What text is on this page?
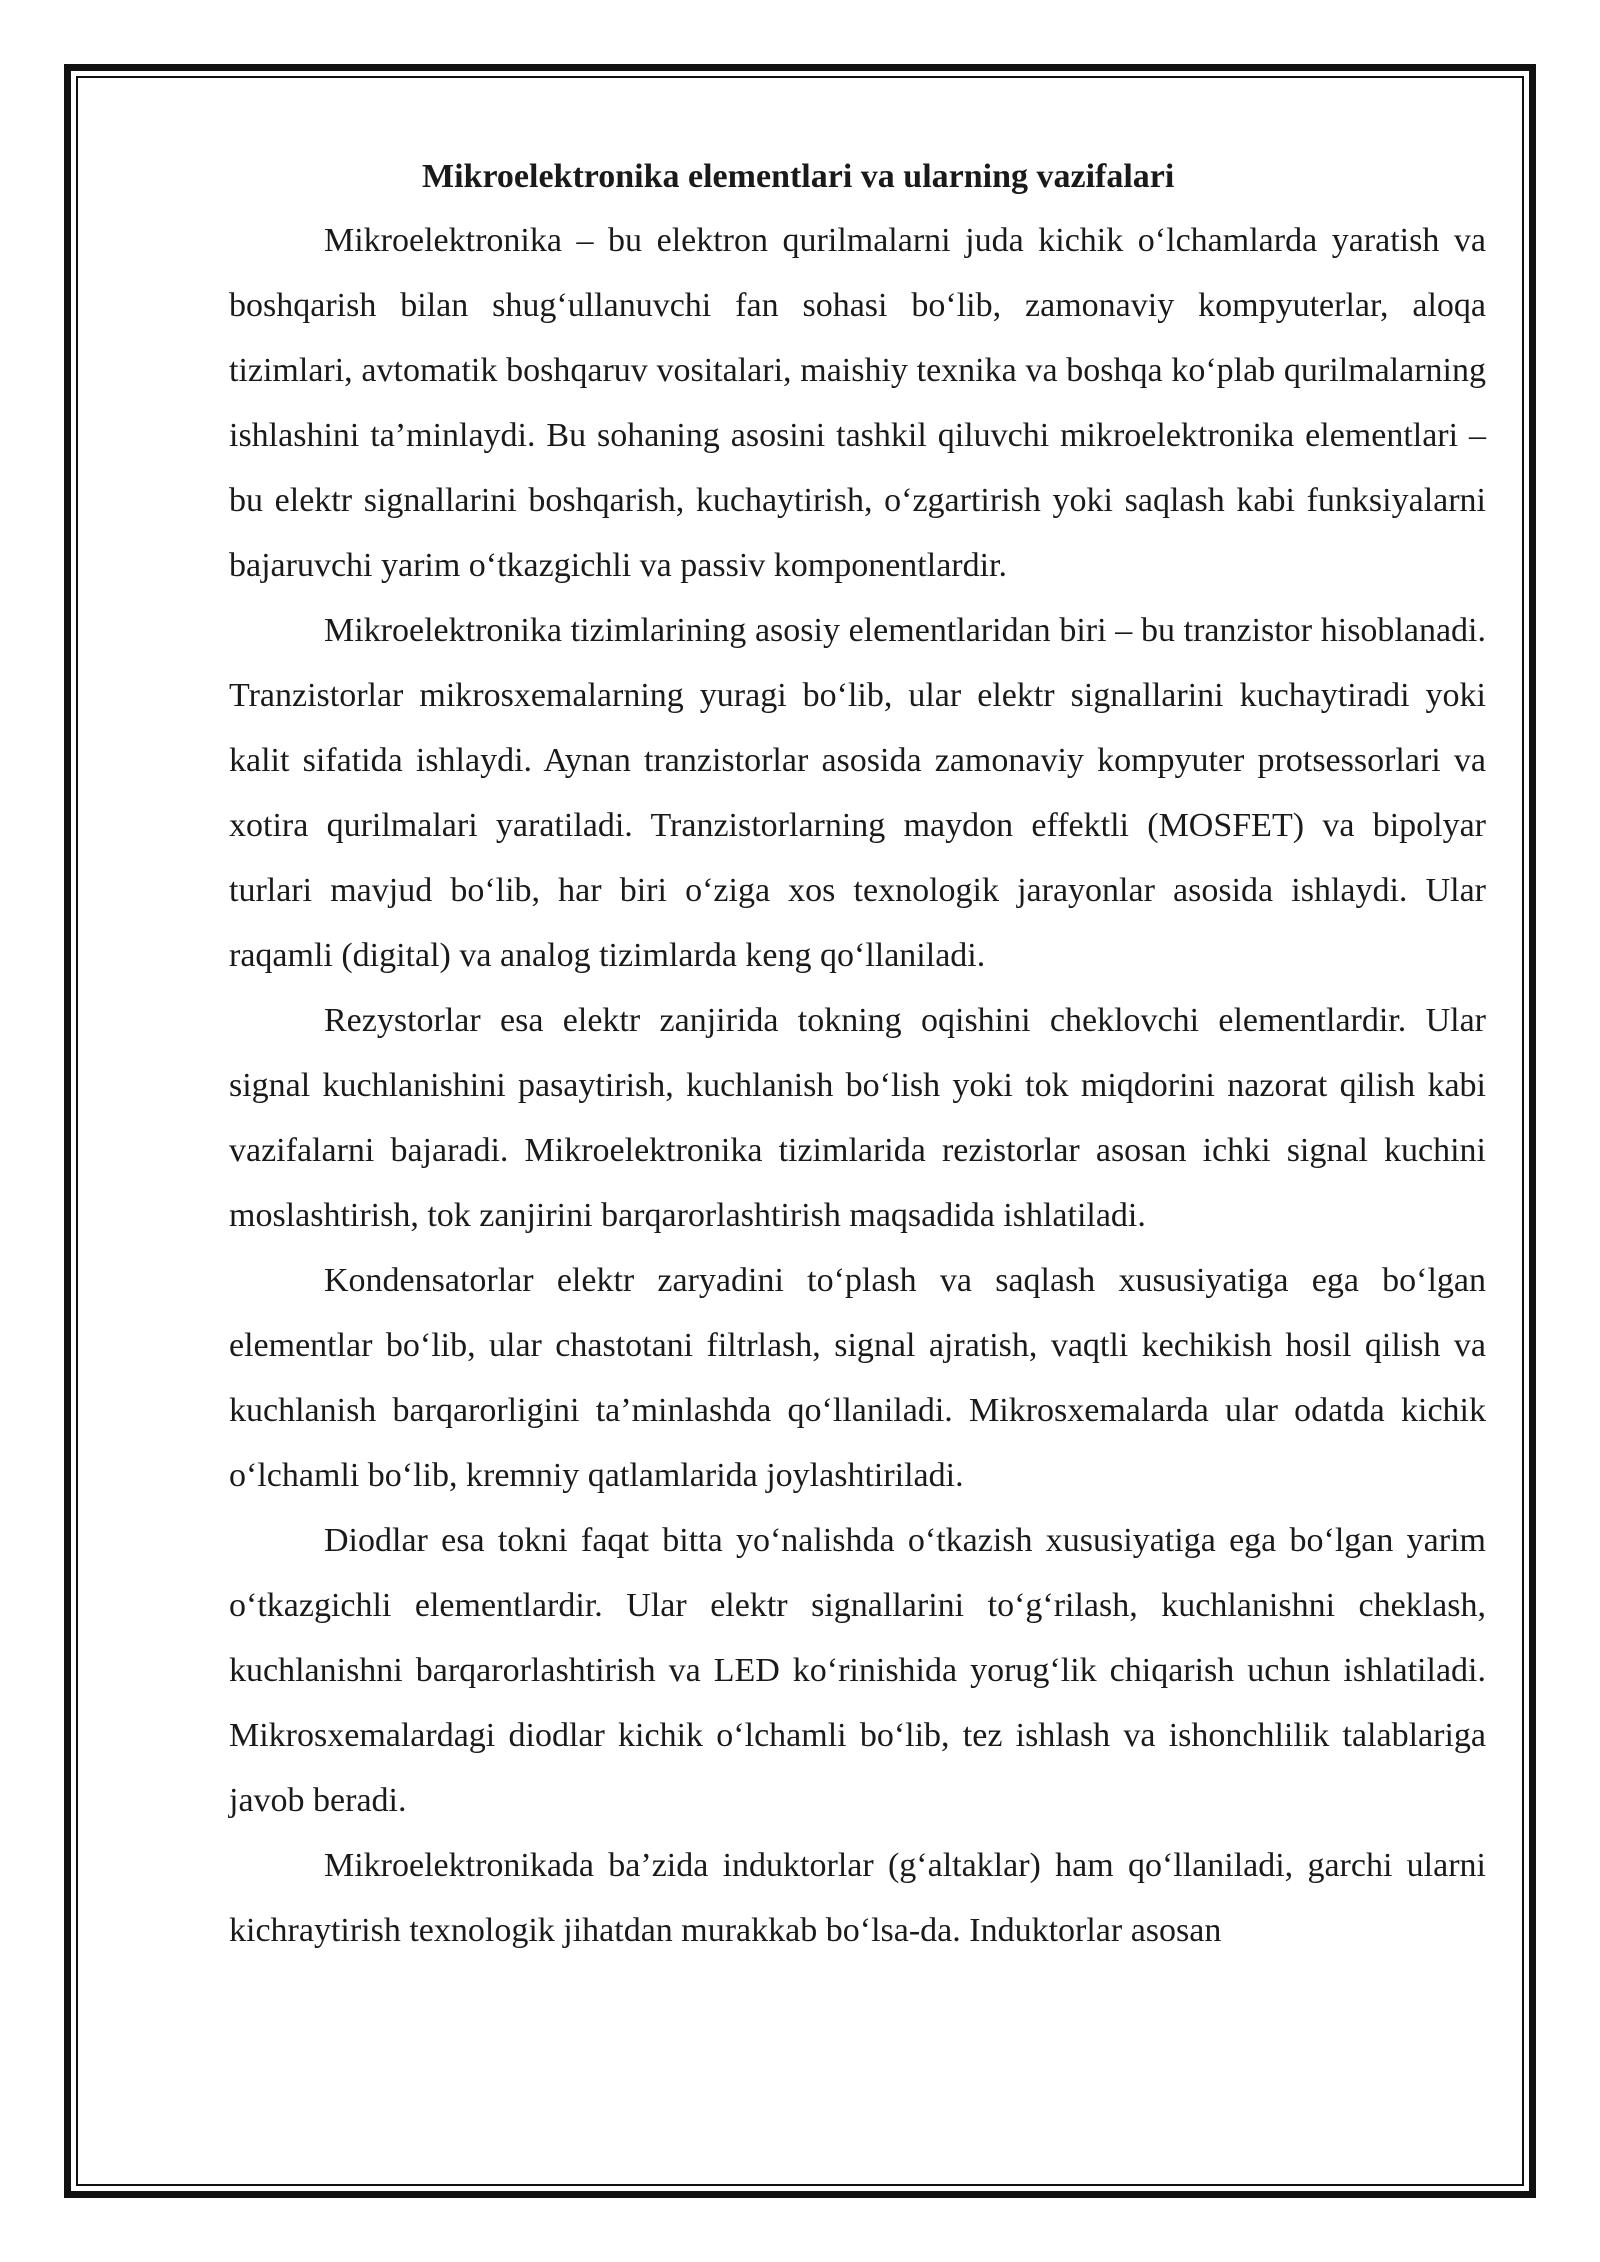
Mikroelektronika elementlari va ularning vazifalari

Mikroelektronika – bu elektron qurilmalarni juda kichik o‘lchamlarda yaratish va boshqarish bilan shug‘ullanuvchi fan sohasi bo‘lib, zamonaviy kompyuterlar, aloqa tizimlari, avtomatik boshqaruv vositalari, maishiy texnika va boshqa ko‘plab qurilmalarning ishlashini ta’minlaydi. Bu sohaning asosini tashkil qiluvchi mikroelektronika elementlari – bu elektr signallarini boshqarish, kuchaytirish, o‘zgartirish yoki saqlash kabi funksiyalarni bajaruvchi yarim o‘tkazgichli va passiv komponentlardir.

Mikroelektronika tizimlarining asosiy elementlaridan biri – bu tranzistor hisoblanadi. Tranzistorlar mikrosxemalarning yuragi bo‘lib, ular elektr signallarini kuchaytiradi yoki kalit sifatida ishlaydi. Aynan tranzistorlar asosida zamonaviy kompyuter protsessorlari va xotira qurilmalari yaratiladi. Tranzistorlarning maydon effektli (MOSFET) va bipolyar turlari mavjud bo‘lib, har biri o‘ziga xos texnologik jarayonlar asosida ishlaydi. Ular raqamli (digital) va analog tizimlarda keng qo‘llaniladi.

Rezystorlar esa elektr zanjirida tokning oqishini cheklovchi elementlardir. Ular signal kuchlanishini pasaytirish, kuchlanish bo‘lish yoki tok miqdorini nazorat qilish kabi vazifalarni bajaradi. Mikroelektronika tizimlarida rezistorlar asosan ichki signal kuchini moslashtirish, tok zanjirini barqarorlashtirish maqsadida ishlatiladi.

Kondensatorlar elektr zaryadini to‘plash va saqlash xususiyatiga ega bo‘lgan elementlar bo‘lib, ular chastotani filtrlash, signal ajratish, vaqtli kechikish hosil qilish va kuchlanish barqarorligini ta’minlashda qo‘llaniladi. Mikrosxemalarda ular odatda kichik o‘lchamli bo‘lib, kremniy qatlamlarida joylashtiriladi.

Diodlar esa tokni faqat bitta yo‘nalishda o‘tkazish xususiyatiga ega bo‘lgan yarim o‘tkazgichli elementlardir. Ular elektr signallarini to‘g‘rilash, kuchlanishni cheklash, kuchlanishni barqarorlashtirish va LED ko‘rinishida yorug‘lik chiqarish uchun ishlatiladi. Mikrosxemalardagi diodlar kichik o‘lchamli bo‘lib, tez ishlash va ishonchlilik talablariga javob beradi.

Mikroelektronikada ba’zida induktorlar (g‘altaklar) ham qo‘llaniladi, garchi ularni kichraytirish texnologik jihatdan murakkab bo‘lsa-da. Induktorlar asosan
